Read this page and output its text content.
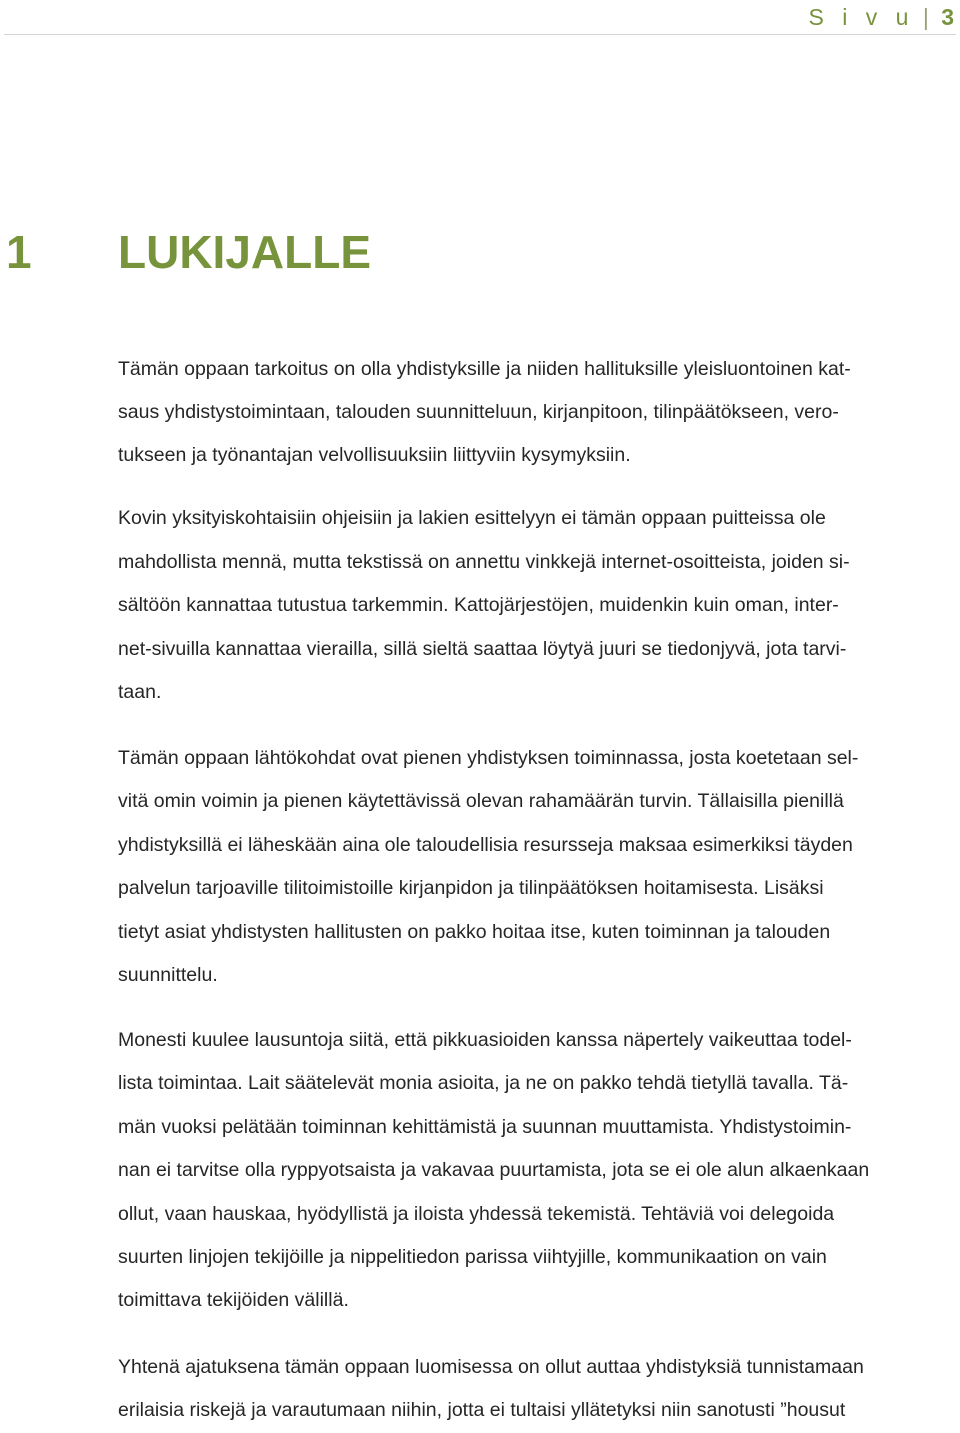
S i v u | 3
1 LUKIJALLE
Tämän oppaan tarkoitus on olla yhdistyksille ja niiden hallituksille yleisluontoinen kat-
saus yhdistystoimintaan, talouden suunnitteluun, kirjanpitoon, tilinpäätökseen, vero-
tukseen ja työnantajan velvollisuuksiin liittyviin kysymyksiin.
Kovin yksityiskohtaisiin ohjeisiin ja lakien esittelyyn ei tämän oppaan puitteissa ole
mahdollista mennä, mutta tekstissä on annettu vinkkejä internet-osoitteista, joiden si-
sältöön kannattaa tutustua tarkemmin. Kattojärjestöjen, muidenkin kuin oman, inter-
net-sivuilla kannattaa vierailla, sillä sieltä saattaa löytyä juuri se tiedonjyvä, jota tarvi-
taan.
Tämän oppaan lähtökohdat ovat pienen yhdistyksen toiminnassa, josta koetetaan sel-
vitä omin voimin ja pienen käytettävissä olevan rahamäärän turvin. Tällaisilla pienillä
yhdistyksillä ei läheskään aina ole taloudellisia resursseja maksaa esimerkiksi täyden
palvelun tarjoaville tilitoimistoille kirjanpidon ja tilinpäätöksen hoitamisesta. Lisäksi
tietyt asiat yhdistysten hallitusten on pakko hoitaa itse, kuten toiminnan ja talouden
suunnittelu.
Monesti kuulee lausuntoja siitä, että pikkuasioiden kanssa näpertely vaikeuttaa todel-
lista toimintaa. Lait säätelevät monia asioita, ja ne on pakko tehdä tietyllä tavalla. Tä-
män vuoksi pelätään toiminnan kehittämistä ja suunnan muuttamista. Yhdistystoimin-
nan ei tarvitse olla ryppyotsaista ja vakavaa puurtamista, jota se ei ole alun alkaenkaan
ollut, vaan hauskaa, hyödyllistä ja iloista yhdessä tekemistä. Tehtäviä voi delegoida
suurten linjojen tekijöille ja nippelitiedon parissa viihtyjille, kommunikaation on vain
toimittava tekijöiden välillä.
Yhtenä ajatuksena tämän oppaan luomisessa on ollut auttaa yhdistyksiä tunnistamaan
erilaisia riskejä ja varautumaan niihin, jotta ei tultaisi yllätetyksi niin sanotusti ”housut
